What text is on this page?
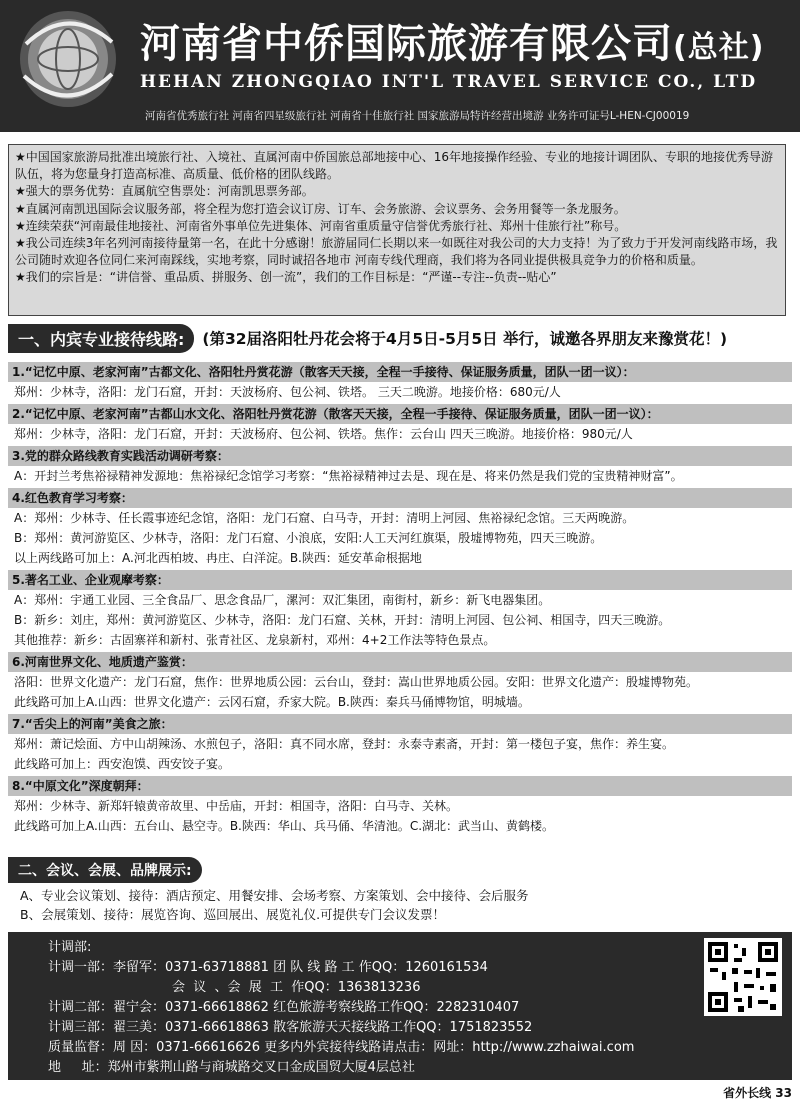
河南省中侨国际旅游有限公司(总社)
HEHAN ZHONGQIAO INT'L TRAVEL SERVICE CO., LTD
河南省优秀旅行社 河南省四星级旅行社 河南省十佳旅行社 国家旅游局特许经营出境游 业务许可证号L-HEN-CJ00019

★中国国家旅游局批准出境旅行社、入境社、直属河南中侨国旅总部地接中心、16年地接操作经验、专业的地接计调团队、专职的地接优秀导游队伍，将为您量身打造高标准、高质量、低价格的团队线路。

★强大的票务优势：直属航空售票处：河南凯思票务部。

★直属河南凯迅国际会议服务部，将全程为您打造会议订房、订车、会务旅游、会议票务、会务用餐等一条龙服务。

★连续荣获“河南最佳地接社、河南省外事单位先进集体、河南省重质量守信誉优秀旅行社、郑州十佳旅行社”称号。

★我公司连续3年名列河南接待量第一名，在此十分感谢！旅游届同仁长期以来一如既往对我公司的大力支持！为了致力于开发河南线路市场，我公司随时欢迎各位同仁来河南踩线，实地考察，同时诚招各地市 河南专线代理商，我们将为各同业提供极具竞争力的价格和质量。

★我们的宗旨是：“讲信誉、重品质、拼服务、创一流”，我们的工作目标是：“严谨--专注--负责--贴心”

一、内宾专业接待线路:	(第32届洛阳牡丹花会将于4月5日-5月5日 举行，诚邀各界朋友来豫赏花！)
1.“记忆中原、老家河南”古都文化、洛阳牡丹赏花游（散客天天接，全程一手接待、保证服务质量，团队一团一议）：
郑州：少林寺，洛阳：龙门石窟，开封：天波杨府、包公祠、铁塔。 三天二晚游。地接价格：680元/人
2.“记忆中原、老家河南”古都山水文化、洛阳牡丹赏花游（散客天天接，全程一手接待、保证服务质量，团队一团一议）：
郑州：少林寺，洛阳：龙门石窟，开封：天波杨府、包公祠、铁塔。焦作：云台山 四天三晚游。地接价格：980元/人
3.党的群众路线教育实践活动调研考察：
A：开封兰考焦裕禄精神发源地：焦裕禄纪念馆学习考察：“焦裕禄精神过去是、现在是、将来仍然是我们党的宝贵精神财富”。
4.红色教育学习考察：
A：郑州：少林寺、任长霞事迹纪念馆，洛阳：龙门石窟、白马寺，开封：清明上河园、焦裕禄纪念馆。三天两晚游。
B：郑州：黄河游览区、少林寺，洛阳：龙门石窟、小浪底，安阳:人工天河红旗渠，殷墟博物苑，四天三晚游。
以上两线路可加上：A.河北西柏坡、冉庄、白洋淀。B.陕西：延安革命根据地
5.著名工业、企业观摩考察：
A：郑州：宇通工业园、三全食品厂、思念食品厂，漯河：双汇集团，南街村，新乡：新飞电器集团。
B：新乡：刘庄，郑州：黄河游览区、少林寺，洛阳：龙门石窟、关林，开封：清明上河园、包公祠、相国寺，四天三晚游。
其他推荐：新乡：古固寨祥和新村、张青社区、龙泉新村，邓州：4+2工作法等特色景点。
6.河南世界文化、地质遗产鉴赏：
洛阳：世界文化遗产：龙门石窟，焦作：世界地质公园：云台山，登封：嵩山世界地质公园。安阳：世界文化遗产：殷墟博物苑。
此线路可加上A.山西：世界文化遗产：云冈石窟，乔家大院。B.陕西：秦兵马俑博物馆，明城墙。
7.“舌尖上的河南”美食之旅：
郑州：萧记烩面、方中山胡辣汤、水煎包子，洛阳：真不同水席，登封：永泰寺素斋，开封：第一楼包子宴，焦作：养生宴。
此线路可加上：西安泡馍、西安饺子宴。
8.“中原文化”深度朝拜：
郑州：少林寺、新郑轩辕黄帝故里、中岳庙，开封：相国寺，洛阳：白马寺、关林。
此线路可加上A.山西：五台山、悬空寺。B.陕西：华山、兵马俑、华清池。C.湖北：武当山、黄鹤楼。
二、会议、会展、品牌展示:
A、专业会议策划、接待：酒店预定、用餐安排、会场考察、方案策划、会中接待、会后服务
B、会展策划、接待：展览咨询、巡回展出、展览礼仪.可提供专门会议发票！
计调部:
计调一部：李留军：0371-63718881 团 队 线 路 工 作QQ：1260161534
会  议  、会  展  工  作QQ：1363813236
计调二部：翟宁会：0371-66618862 红色旅游考察线路工作QQ：2282310407
计调三部：翟三美：0371-66618863 散客旅游天天接线路工作QQ：1751823552
质量监督：周 因：0371-66616626 更多内外宾接待线路请点击：网址：http://www.zzhaiwai.com
地     址：郑州市紫荆山路与商城路交叉口金成国贸大厦4层总社
省外长线 33
